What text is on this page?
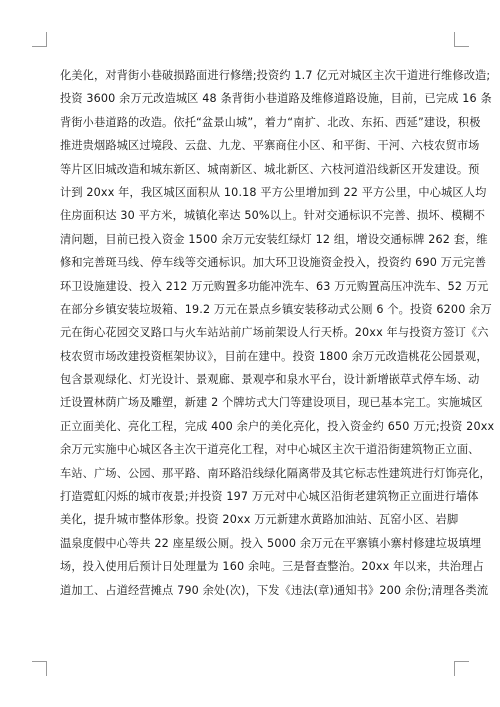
化美化，对背街小巷破损路面进行修缮;投资约 1.7 亿元对城区主次干道进行维修改造;
投资 3600 余万元改造城区 48 条背街小巷道路及维修道路设施，目前，已完成 16 条
背街小巷道路的改造。依托“盆景山城”，着力“南扩、北改、东拓、西延”建设，积极
推进贵烟路城区过境段、云盘、九龙、平寨商住小区、和平街、干河、六枝农贸市场
等片区旧城改造和城东新区、城南新区、城北新区、六枝河道沿线新区开发建设。预
计到 20xx 年，我区城区面积从 10.18 平方公里增加到 22 平方公里，中心城区人均
住房面积达 30 平方米，城镇化率达 50%以上。针对交通标识不完善、损坏、模糊不
清问题，目前已投入资金 1500 余万元安装红绿灯 12 组，增设交通标牌 262 套，维
修和完善斑马线、停车线等交通标识。加大环卫设施资金投入，投资约 690 万元完善
环卫设施建设、投入 212 万元购置多功能冲洗车、63 万元购置高压冲洗车、52 万元
在部分乡镇安装垃圾箱、19.2 万元在景点乡镇安装移动式公厕 6 个。投资 6200 余万
元在街心花园交叉路口与火车站站前广场前架设人行天桥。20xx 年与投资方签订《六
枝农贸市场改建投资框架协议》，目前在建中。投资 1800 余万元改造桃花公园景观，
包含景观绿化、灯光设计、景观廊、景观亭和泉水平台，设计新增嵌草式停车场、动
迁设置林荫广场及雕塑，新建 2 个牌坊式大门等建设项目，现已基本完工。实施城区
正立面美化、亮化工程，完成 400 余户的美化亮化，投入资金约 650 万元;投资 20xx
余万元实施中心城区各主次干道亮化工程，对中心城区主次干道沿街建筑物正立面、
车站、广场、公园、那平路、南环路沿线绿化隔离带及其它标志性建筑进行灯饰亮化，
打造霓虹闪烁的城市夜景;并投资 197 万元对中心城区沿街老建筑物正立面进行墙体
美化，提升城市整体形象。投资 20xx 万元新建水黄路加油站、瓦窑小区、岩脚
温泉度假中心等共 22 座星级公厕。投入 5000 余万元在平寨镇小寨村修建垃圾填埋
场，投入使用后预计日处理量为 160 余吨。三是督查整治。20xx 年以来，共治理占
道加工、占道经营摊点 790 余处(次)，下发《违法(章)通知书》200 余份;清理各类流
